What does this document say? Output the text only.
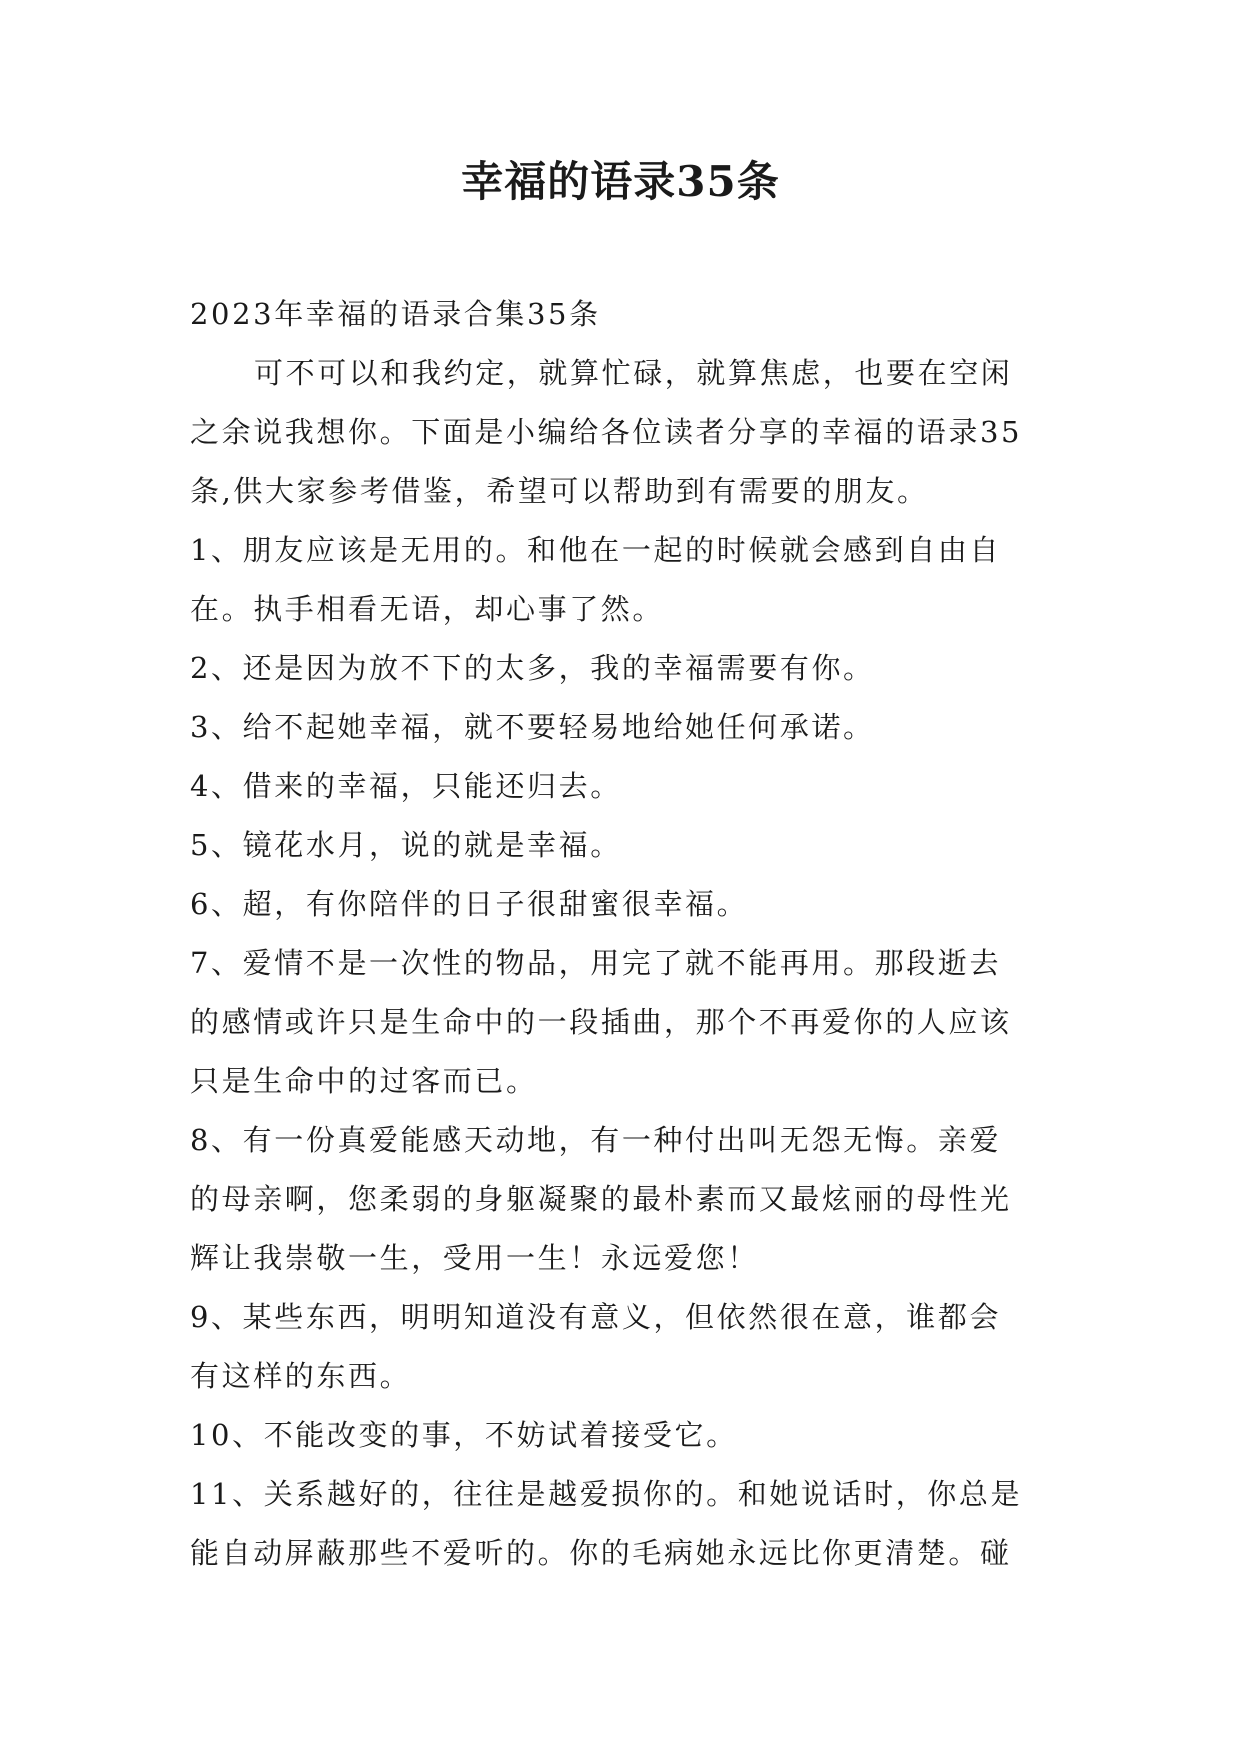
幸福的语录35条
2023年幸福的语录合集35条
可不可以和我约定，就算忙碌，就算焦虑，也要在空闲
之余说我想你。下面是小编给各位读者分享的幸福的语录35
条,供大家参考借鉴，希望可以帮助到有需要的朋友。
1、朋友应该是无用的。和他在一起的时候就会感到自由自
在。执手相看无语，却心事了然。
2、还是因为放不下的太多，我的幸福需要有你。
3、给不起她幸福，就不要轻易地给她任何承诺。
4、借来的幸福，只能还归去。
5、镜花水月，说的就是幸福。
6、超，有你陪伴的日子很甜蜜很幸福。
7、爱情不是一次性的物品，用完了就不能再用。那段逝去
的感情或许只是生命中的一段插曲，那个不再爱你的人应该
只是生命中的过客而已。
8、有一份真爱能感天动地，有一种付出叫无怨无悔。亲爱
的母亲啊，您柔弱的身躯凝聚的最朴素而又最炫丽的母性光
辉让我崇敬一生，受用一生！永远爱您！
9、某些东西，明明知道没有意义，但依然很在意，谁都会
有这样的东西。
10、不能改变的事，不妨试着接受它。
11、关系越好的，往往是越爱损你的。和她说话时，你总是
能自动屏蔽那些不爱听的。你的毛病她永远比你更清楚。碰
